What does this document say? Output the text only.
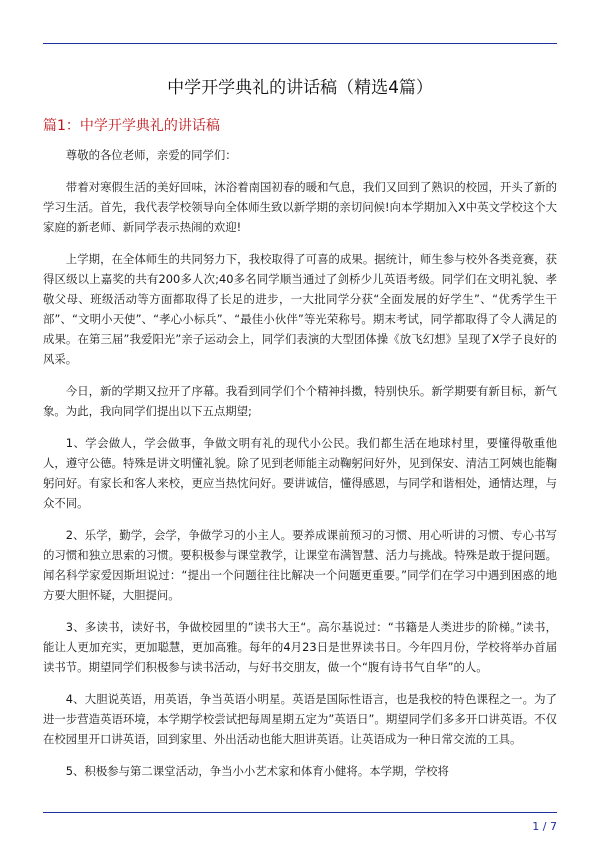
中学开学典礼的讲话稿（精选4篇）
篇1：中学开学典礼的讲话稿

尊敬的各位老师，亲爱的同学们：

带着对寒假生活的美好回味，沐浴着南国初春的暖和气息，我们又回到了熟识的校园，开头了新的学习生活。首先，我代表学校领导向全体师生致以新学期的亲切问候!向本学期加入X中英文学校这个大家庭的新老师、新同学表示热闹的欢迎!

上学期，在全体师生的共同努力下，我校取得了可喜的成果。据统计，师生参与校外各类竞赛，获得区级以上嘉奖的共有200多人次;40多名同学顺当通过了剑桥少儿英语考级。同学们在文明礼貌、孝敬父母、班级活动等方面都取得了长足的进步，一大批同学分获“全面发展的好学生”、“优秀学生干部”、“文明小天使”、“孝心小标兵”、“最佳小伙伴”等光荣称号。期末考试，同学都取得了令人满足的成果。在第三届”我爱阳光”亲子运动会上，同学们表演的大型团体操《放飞幻想》呈现了X学子良好的风采。

今日，新的学期又拉开了序幕。我看到同学们个个精神抖擞，特别快乐。新学期要有新目标，新气象。为此，我向同学们提出以下五点期望;

1、学会做人，学会做事，争做文明有礼的现代小公民。我们都生活在地球村里，要懂得敬重他人，遵守公德。特殊是讲文明懂礼貌。除了见到老师能主动鞠躬问好外，见到保安、清洁工阿姨也能鞠躬问好。有家长和客人来校，更应当热忱问好。要讲诚信，懂得感恩，与同学和谐相处，通情达理，与众不同。

2、乐学，勤学，会学，争做学习的小主人。要养成课前预习的习惯、用心听讲的习惯、专心书写的习惯和独立思索的习惯。要积极参与课堂教学，让课堂布满智慧、活力与挑战。特殊是敢于提问题。闻名科学家爱因斯坦说过：“提出一个问题往往比解决一个问题更重要。”同学们在学习中遇到困惑的地方要大胆怀疑，大胆提问。

3、多读书，读好书，争做校园里的”读书大王“。高尔基说过：“书籍是人类进步的阶梯。”读书，能让人更加充实，更加聪慧，更加高雅。每年的4月23日是世界读书日。今年四月份，学校将举办首届读书节。期望同学们积极参与读书活动，与好书交朋友，做一个“腹有诗书气自华”的人。

4、大胆说英语，用英语，争当英语小明星。英语是国际性语言，也是我校的特色课程之一。为了进一步营造英语环境，本学期学校尝试把每周星期五定为”英语日”。期望同学们多多开口讲英语。不仅在校园里开口讲英语，回到家里、外出活动也能大胆讲英语。让英语成为一种日常交流的工具。

5、积极参与第二课堂活动，争当小小艺术家和体育小健将。本学期，学校将

1 / 7
